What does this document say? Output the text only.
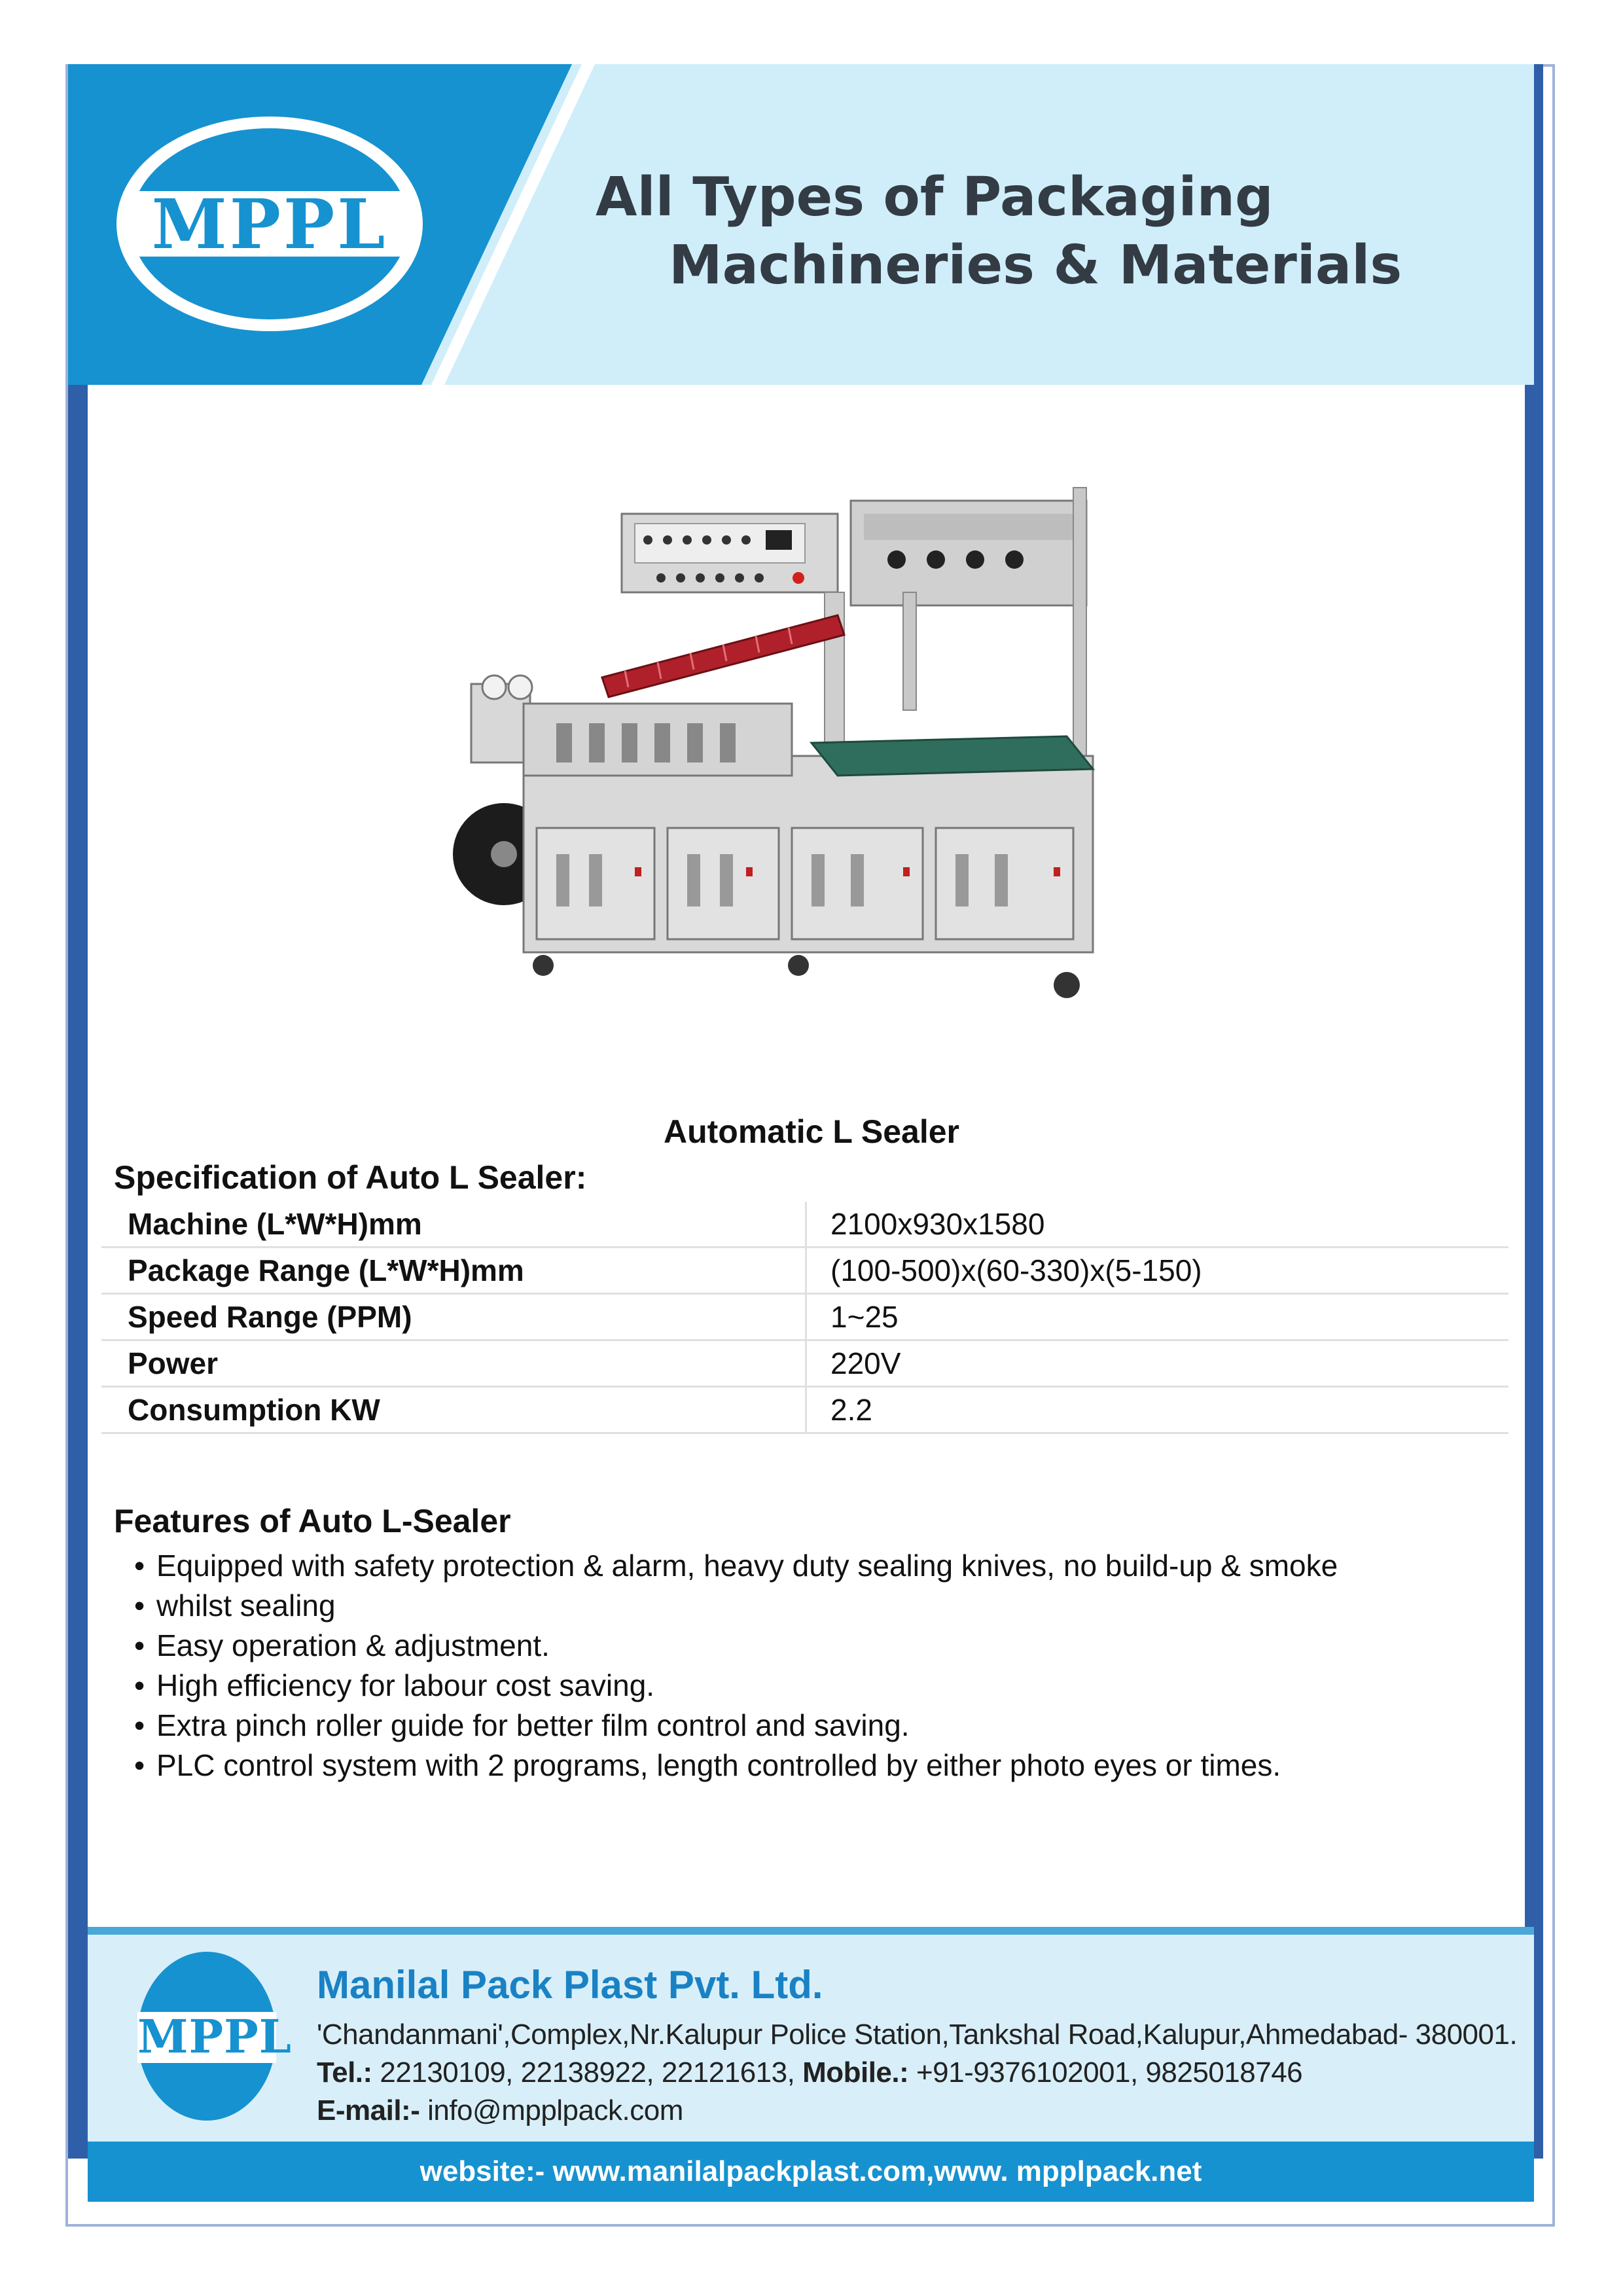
MPPL	All Types of Packaging
Machineries & Materials
Automatic L Sealer
Specification of Auto L Sealer:
Machine (L*W*H)mm	2100x930x1580
Package Range (L*W*H)mm	(100-500)x(60-330)x(5-150)
Speed Range (PPM)	1~25
Power	220V
Consumption KW	2.2
Features of Auto L-Sealer
• Equipped with safety protection & alarm, heavy duty sealing knives, no build-up & smoke
• whilst sealing
• Easy operation & adjustment.
• High efficiency for labour cost saving.
• Extra pinch roller guide for better film control and saving.
• PLC control system with 2 programs, length controlled by either photo eyes or times.
MPPL
Manilal Pack Plast Pvt. Ltd.
'Chandanmani',Complex,Nr.Kalupur Police Station,Tankshal Road,Kalupur,Ahmedabad- 380001.
Tel.: 22130109, 22138922, 22121613, Mobile.: +91-9376102001, 9825018746
E-mail:- info@mpplpack.com
website:- www.manilalpackplast.com,www. mpplpack.net
